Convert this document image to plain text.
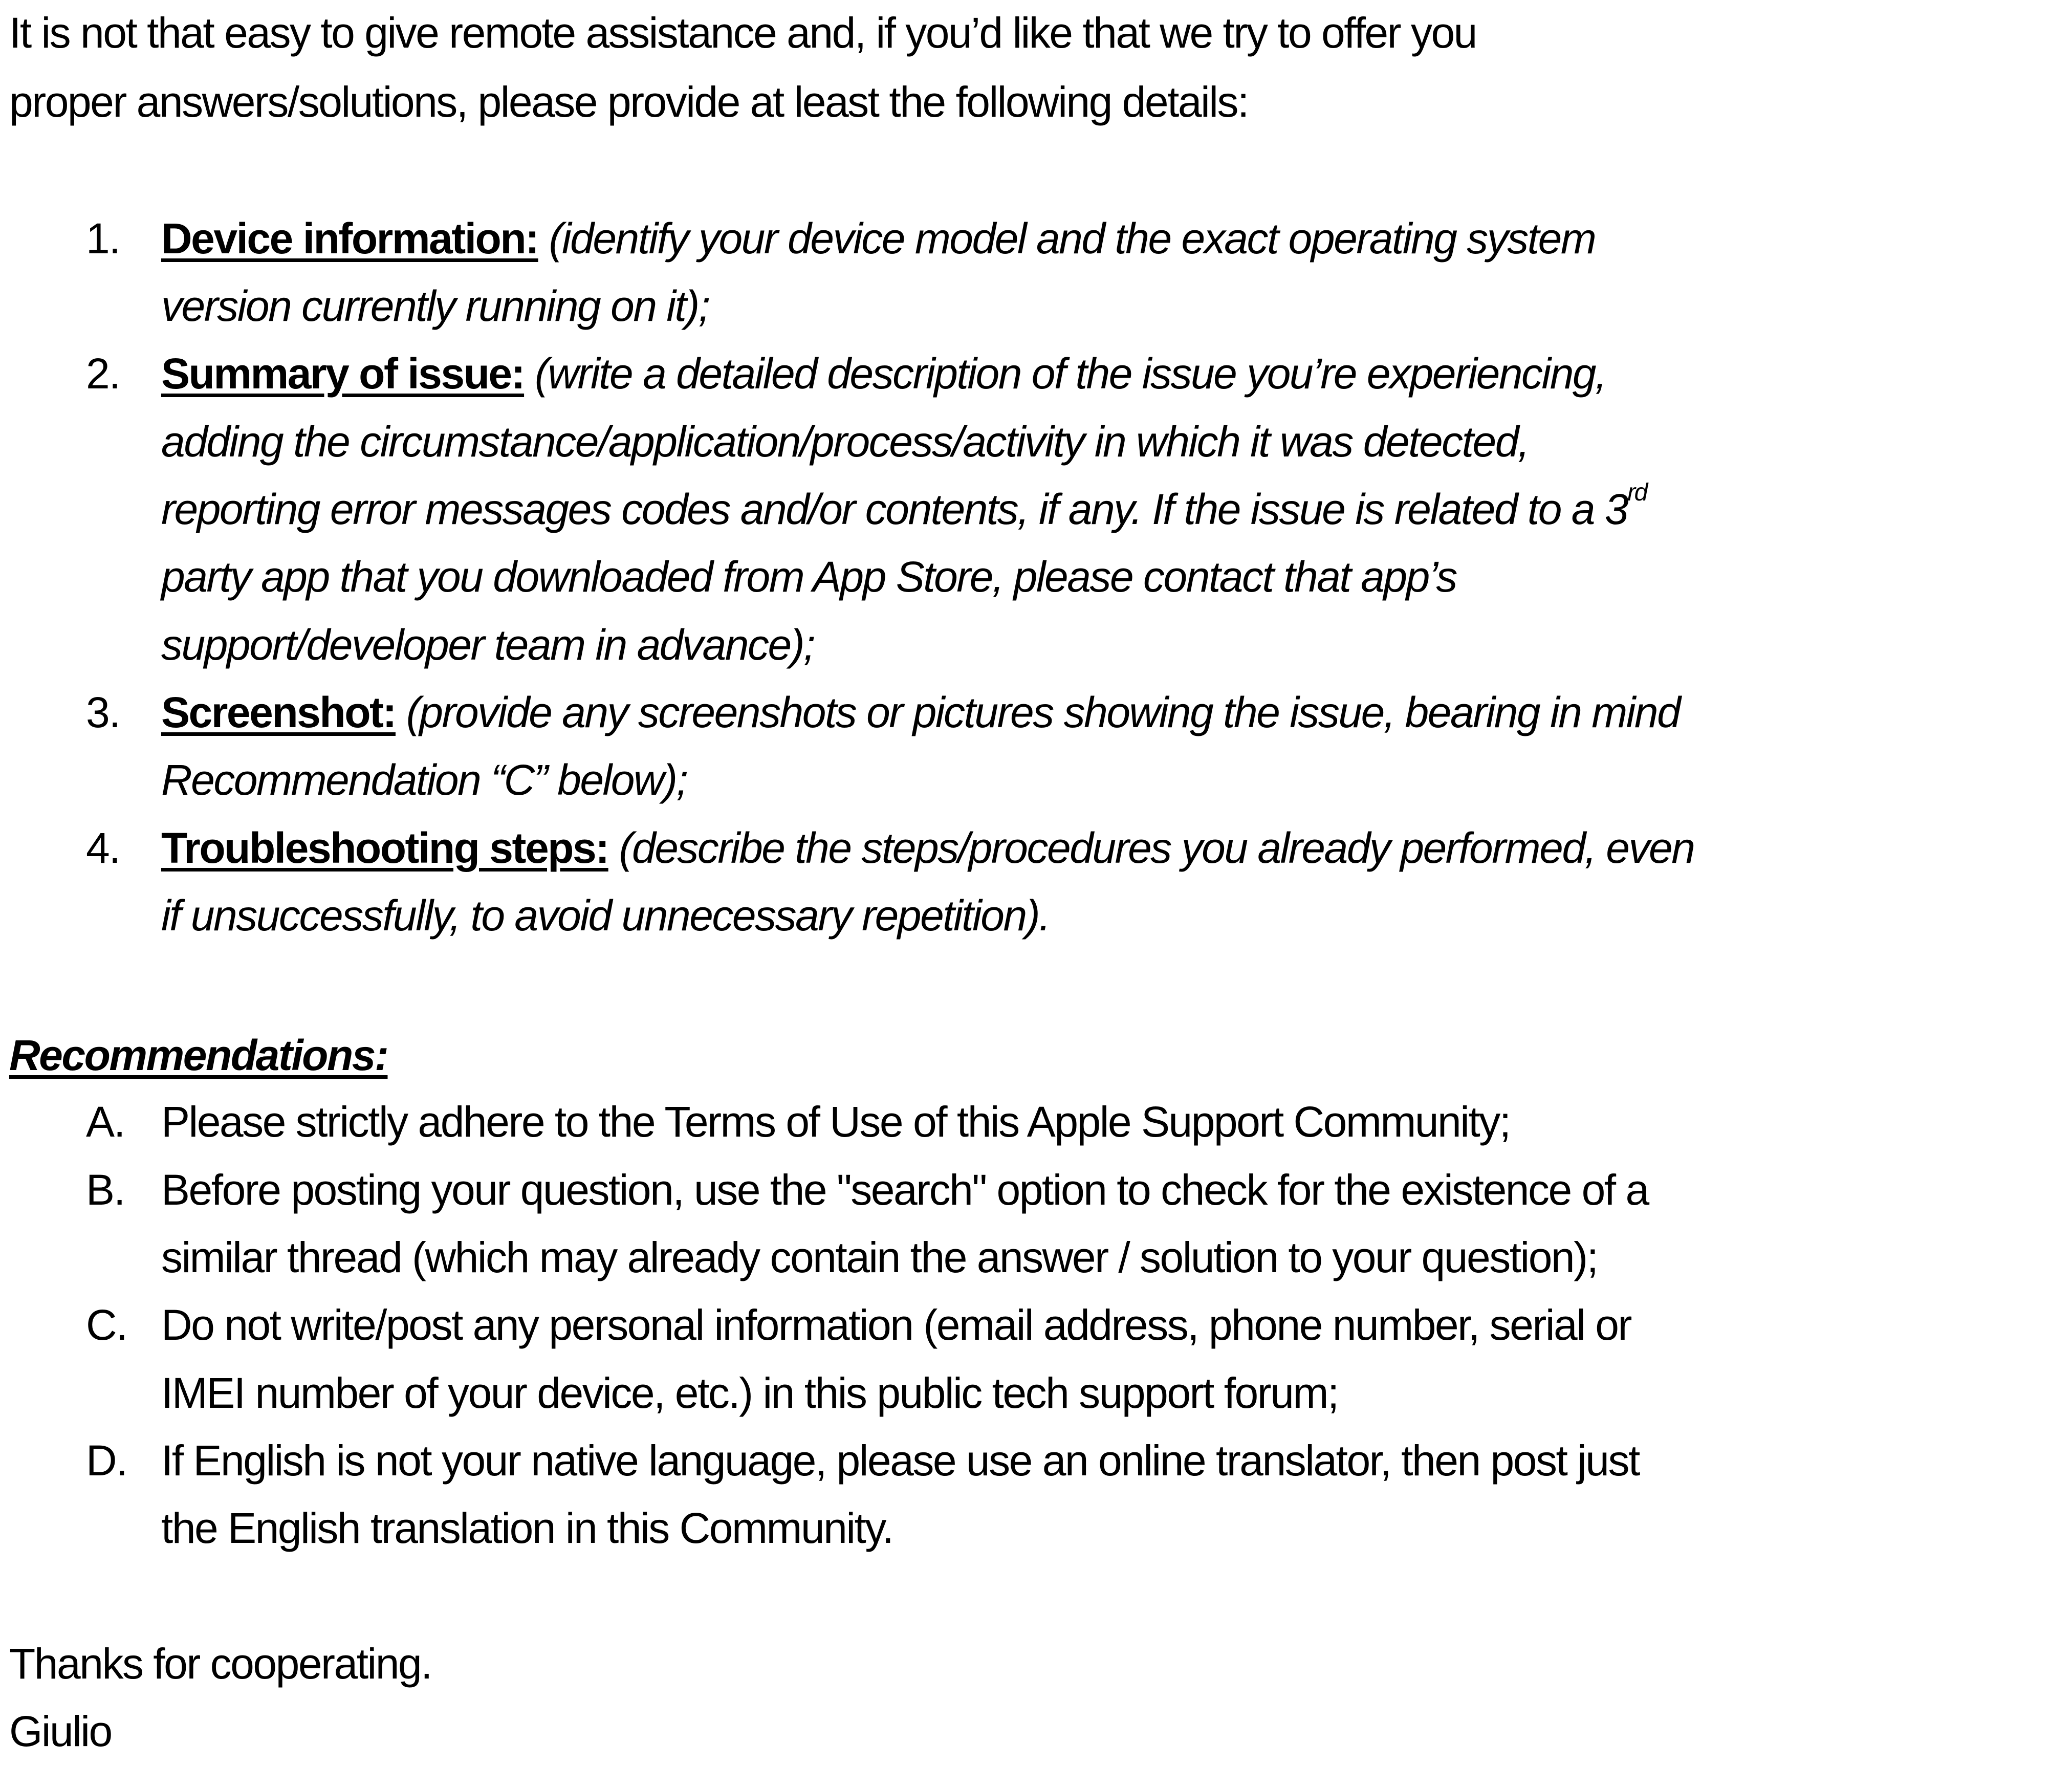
It is not that easy to give remote assistance and, if you’d like that we try to offer you
proper answers/solutions, please provide at least the following details:
1. Device information: (identify your device model and the exact operating system
version currently running on it);
2. Summary of issue: (write a detailed description of the issue you’re experiencing,
adding the circumstance/application/process/activity in which it was detected,
reporting error messages codes and/or contents, if any. If the issue is related to a 3rd
party app that you downloaded from App Store, please contact that app’s
support/developer team in advance);
3. Screenshot: (provide any screenshots or pictures showing the issue, bearing in mind
Recommendation “C” below);
4. Troubleshooting steps: (describe the steps/procedures you already performed, even
if unsuccessfully, to avoid unnecessary repetition).
Recommendations:
A. Please strictly adhere to the Terms of Use of this Apple Support Community;
B. Before posting your question, use the "search" option to check for the existence of a
similar thread (which may already contain the answer / solution to your question);
C. Do not write/post any personal information (email address, phone number, serial or
IMEI number of your device, etc.) in this public tech support forum;
D. If English is not your native language, please use an online translator, then post just
the English translation in this Community.
Thanks for cooperating.
Giulio
